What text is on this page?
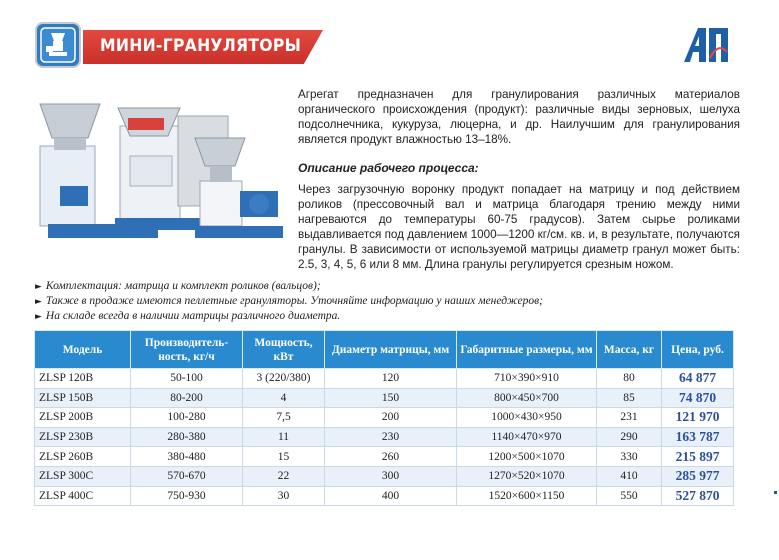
МИНИ-ГРАНУЛЯТОРЫ

Агрегат предназначен для гранулирования различных материалов органического происхождения (продукт): различные виды зерновых, шелуха подсолнечника, кукуруза, люцерна, и др. Наилучшим для гранулирования является продукт влажностью 13–18%.

Описание рабочего процесса:
Через загрузочную воронку продукт попадает на матрицу и под действием роликов (прессовочный вал и матрица благодаря трению между ними нагреваются до температуры 60-75 градусов). Затем сырье роликами выдавливается под давлением 1000—1200 кг/см. кв. и, в результате, получаются гранулы. В зависимости от используемой матрицы диаметр гранул может быть: 2.5, 3, 4, 5, 6 или 8 мм. Длина гранулы регулируется срезным ножом.
► Комплектация: матрица и комплект роликов (вальцов);
► Также в продаже имеются пеллетные грануляторы. Уточняйте информацию у наших менеджеров;
► На складе всегда в наличии матрицы различного диаметра.
Модель	Производитель-ность, кг/ч	Мощность, кВт	Диаметр матрицы, мм	Габаритные размеры, мм	Масса, кг	Цена, руб.
ZLSP 120B	50-100	3 (220/380)	120	710×390×910	80	64 877
ZLSP 150B	80-200	4	150	800×450×700	85	74 870
ZLSP 200B	100-280	7,5	200	1000×430×950	231	121 970
ZLSP 230B	280-380	11	230	1140×470×970	290	163 787
ZLSP 260B	380-480	15	260	1200×500×1070	330	215 897
ZLSP 300C	570-670	22	300	1270×520×1070	410	285 977
ZLSP 400C	750-930	30	400	1520×600×1150	550	527 870
